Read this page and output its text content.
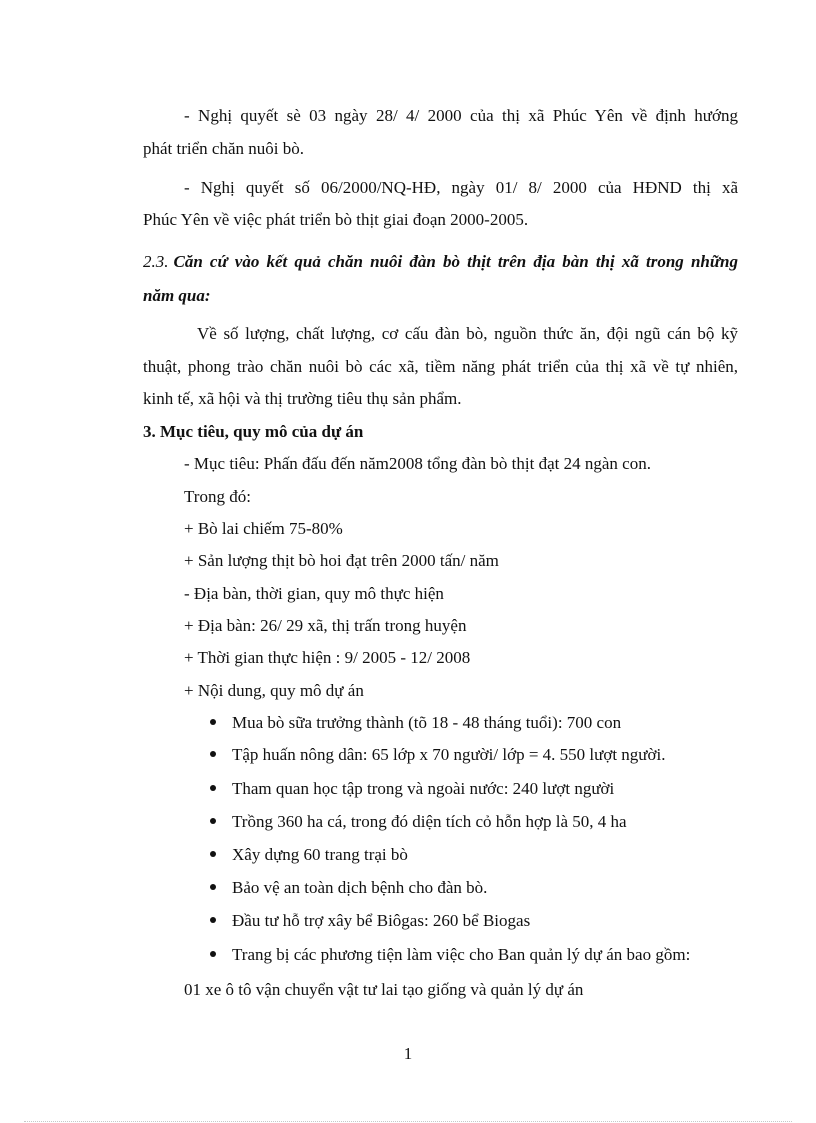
- Nghị quyết sè 03 ngày 28/ 4/ 2000 của thị xã Phúc Yên về định hướng
phát triển chăn nuôi bò.
- Nghị quyết số 06/2000/NQ-HĐ, ngày 01/ 8/ 2000 của HĐND thị xã
Phúc Yên về việc phát triển bò thịt giai đoạn 2000-2005.
2.3. Căn cứ vào kết quả chăn nuôi đàn bò thịt trên địa bàn thị xã trong những
năm qua:
Về số lượng, chất lượng, cơ cấu đàn bò, nguồn thức ăn, đội ngũ cán bộ kỹ
thuật, phong trào chăn nuôi bò các xã, tiềm năng phát triển của thị xã về tự nhiên,
kinh tế, xã hội và thị trường tiêu thụ sản phẩm.
3. Mục tiêu, quy mô của dự án
- Mục tiêu: Phấn đấu đến năm2008 tổng đàn bò thịt đạt 24 ngàn con.
Trong đó:
+ Bò lai chiếm 75-80%
+ Sản lượng thịt bò hoi đạt trên 2000 tấn/ năm
- Địa bàn, thời gian, quy mô thực hiện
+ Địa bàn: 26/ 29 xã, thị trấn trong huyện
+ Thời gian thực hiện : 9/ 2005 - 12/ 2008
+ Nội dung, quy mô dự án
Mua bò sữa trưởng thành (tõ 18 - 48 tháng tuổi): 700 con
Tập huấn nông dân: 65 lớp x 70 người/ lớp = 4. 550 lượt người.
Tham quan học tập trong và ngoài nước: 240 lượt người
Trồng 360 ha cá, trong đó diện tích cỏ hỗn hợp là 50, 4 ha
Xây dựng 60 trang trại bò
Bảo vệ an toàn dịch bệnh cho đàn bò.
Đầu tư hỗ trợ xây bể Biôgas: 260 bể Biogas
Trang bị các phương tiện làm việc cho Ban quản lý dự án bao gồm:
01 xe ô tô vận chuyển vật tư lai tạo giống và quản lý dự án
1
